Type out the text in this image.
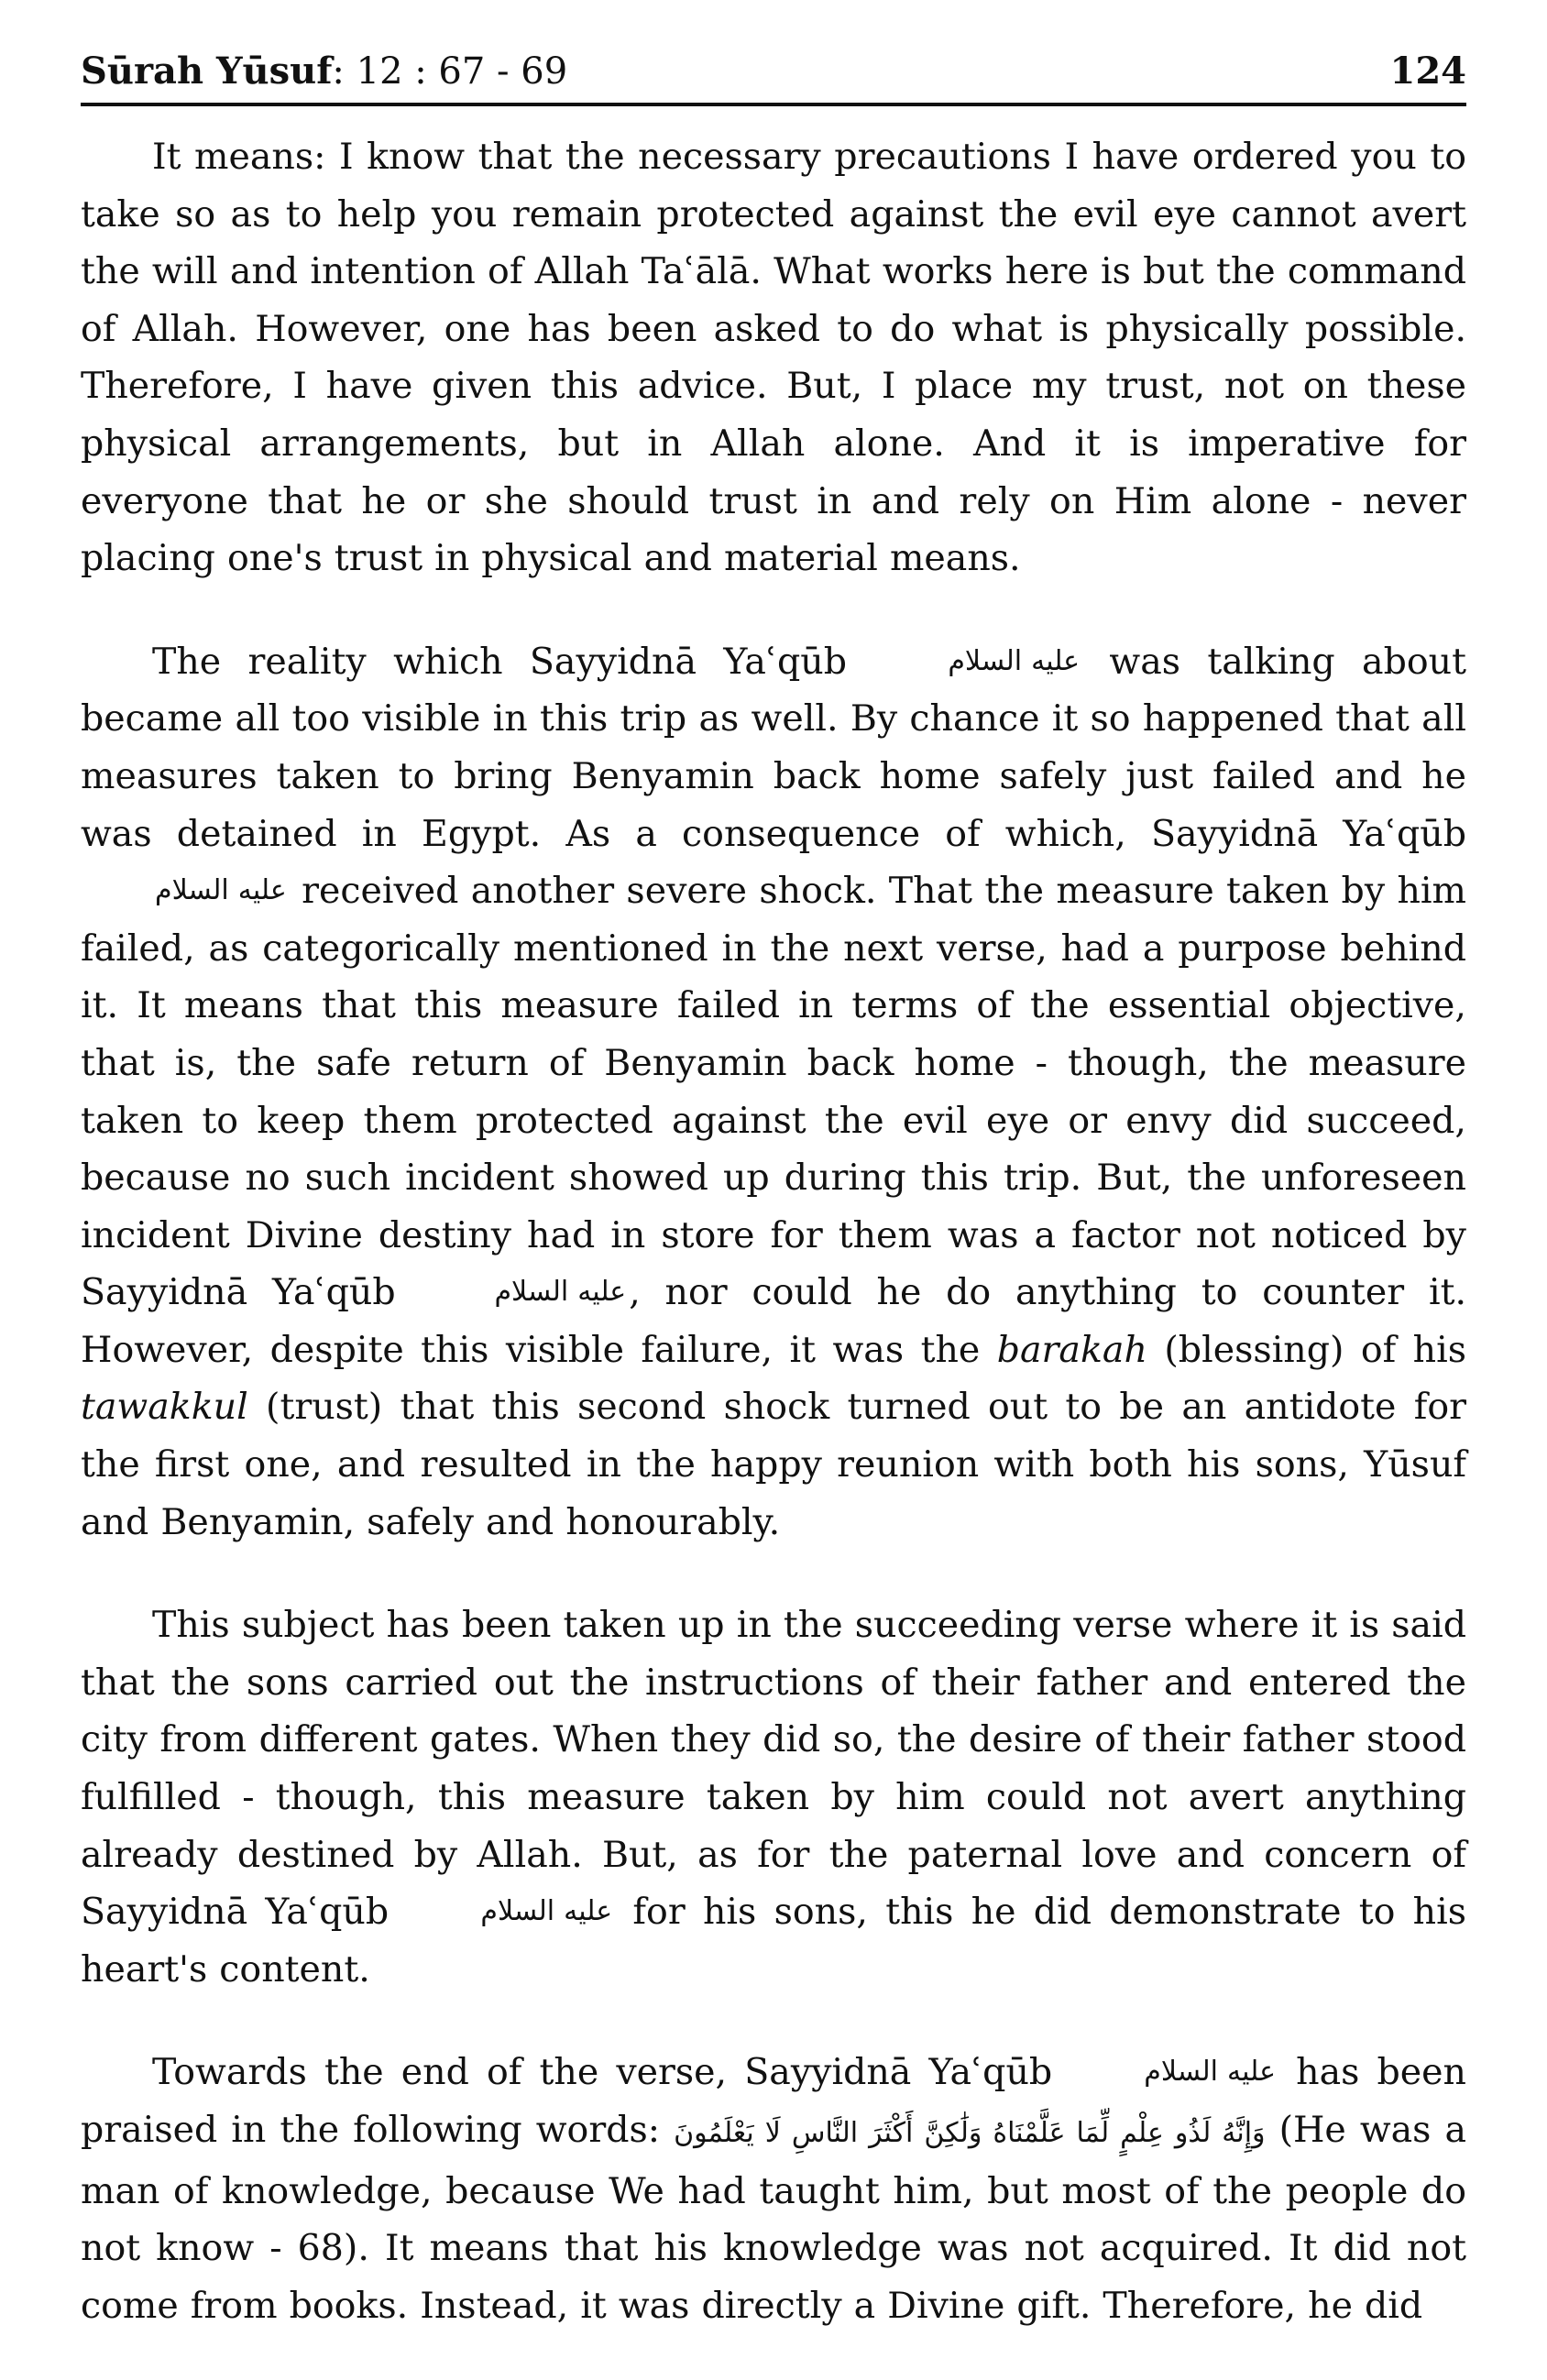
Sūrah Yūsuf: 12 : 67 - 69	124

It means: I know that the necessary precautions I have ordered you to take so as to help you remain protected against the evil eye cannot avert the will and intention of Allah Taʿālā. What works here is but the command of Allah. However, one has been asked to do what is physically possible. Therefore, I have given this advice. But, I place my trust, not on these physical arrangements, but in Allah alone. And it is imperative for everyone that he or she should trust in and rely on Him alone - never placing one's trust in physical and material means.

The reality which Sayyidnā Yaʿqūb	عليه السلام was talking about became all too visible in this trip as well. By chance it so happened that all measures taken to bring Benyamin back home safely just failed and he was detained in Egypt. As a consequence of which, Sayyidnā Yaʿqūb عليه السلام received another severe shock. That the measure taken by him failed, as categorically mentioned in the next verse, had a purpose behind it. It means that this measure failed in terms of the essential objective, that is, the safe return of Benyamin back home - though, the measure taken to keep them protected against the evil eye or envy did succeed, because no such incident showed up during this trip. But, the unforeseen incident Divine destiny had in store for them was a factor not noticed by Sayyidnā Yaʿqūb	عليه السلام, nor could he do anything to counter it. However, despite this visible failure, it was the barakah (blessing) of his tawakkul (trust) that this second shock turned out to be an antidote for the first one, and resulted in the happy reunion with both his sons, Yūsuf and Benyamin, safely and honourably.

This subject has been taken up in the succeeding verse where it is said that the sons carried out the instructions of their father and entered the city from different gates. When they did so, the desire of their father stood fulfilled - though, this measure taken by him could not avert anything already destined by Allah. But, as for the paternal love and concern of Sayyidnā Yaʿqūb	عليه السلام for his sons, this he did demonstrate to his heart's content.

Towards the end of the verse, Sayyidnā Yaʿqūb	عليه السلام has been praised in the following words: وَإِنَّهُ لَذُو عِلْمٍ لِّمَا عَلَّمْنَاهُ وَلَٰكِنَّ أَكْثَرَ النَّاسِ لَا يَعْلَمُونَ (He was a man of knowledge, because We had taught him, but most of the people do not know - 68). It means that his knowledge was not acquired. It did not come from books. Instead, it was directly a Divine gift. Therefore, he did
